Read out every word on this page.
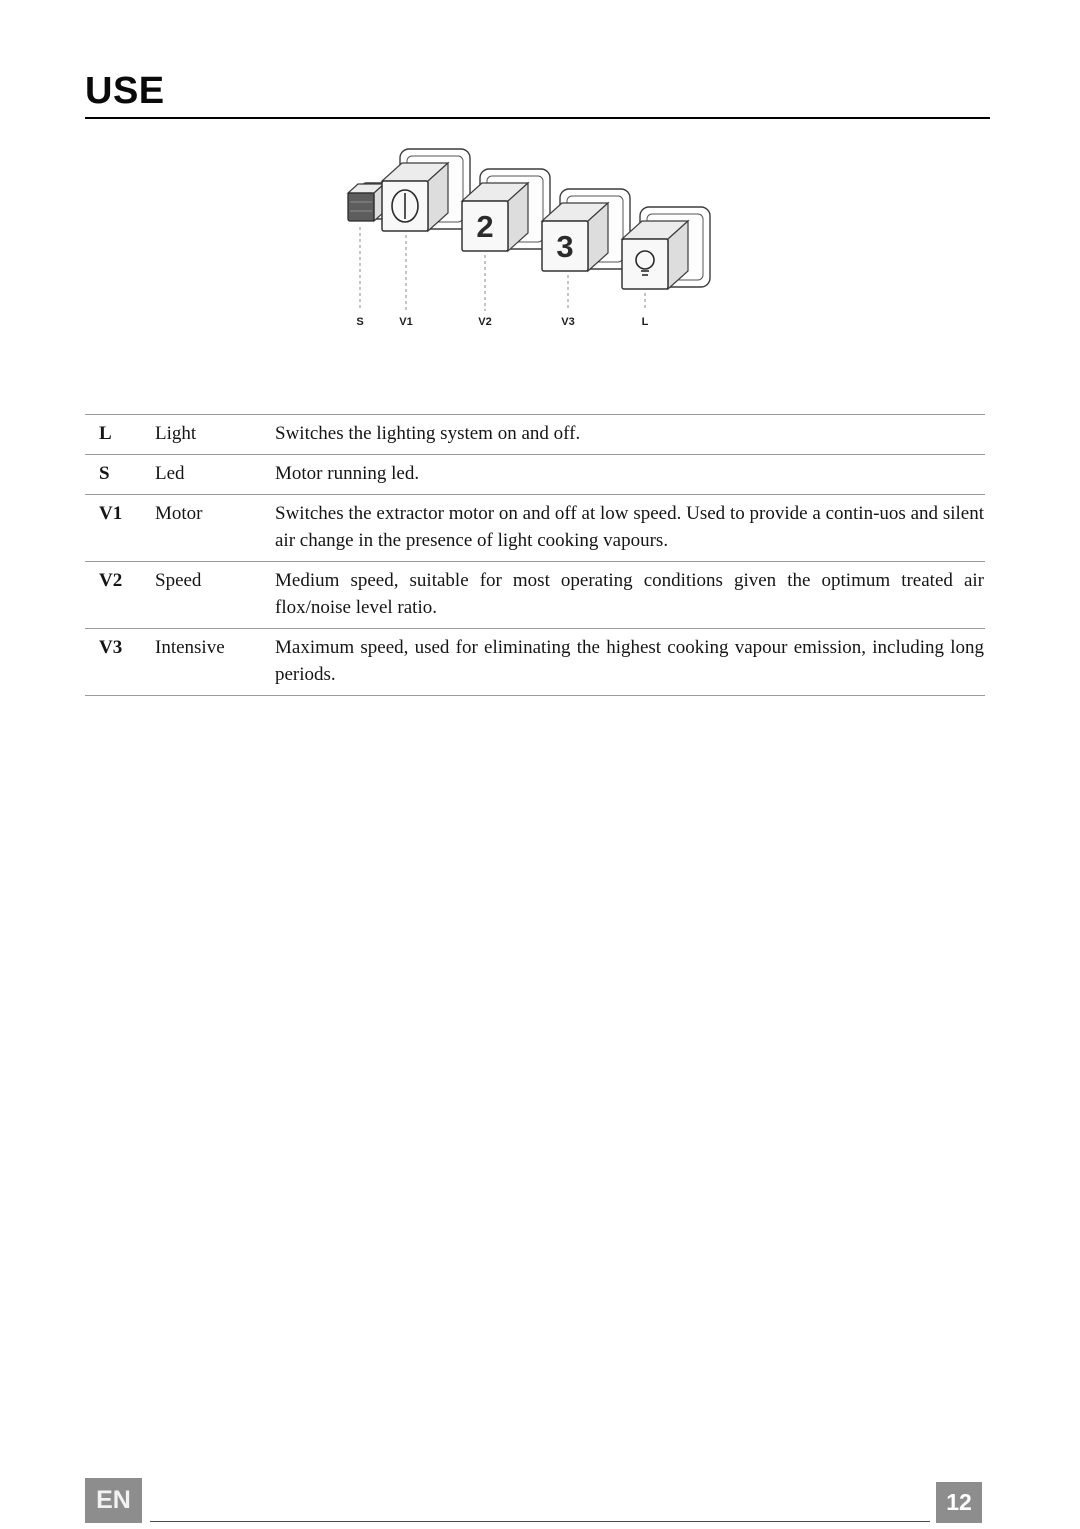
USE
2
3
S	V1	V2	V3	L
L	Light	Switches the lighting system on and off.
S	Led	Motor running led.
V1	Motor	Switches the extractor motor on and off at low speed. Used to provide a contin-uos and silent air change in the presence of light cooking vapours.
V2	Speed	Medium speed, suitable for most operating conditions given the optimum treated air flox/noise level ratio.
V3	Intensive	Maximum speed, used for eliminating the highest cooking vapour emission, including long periods.
EN	12
